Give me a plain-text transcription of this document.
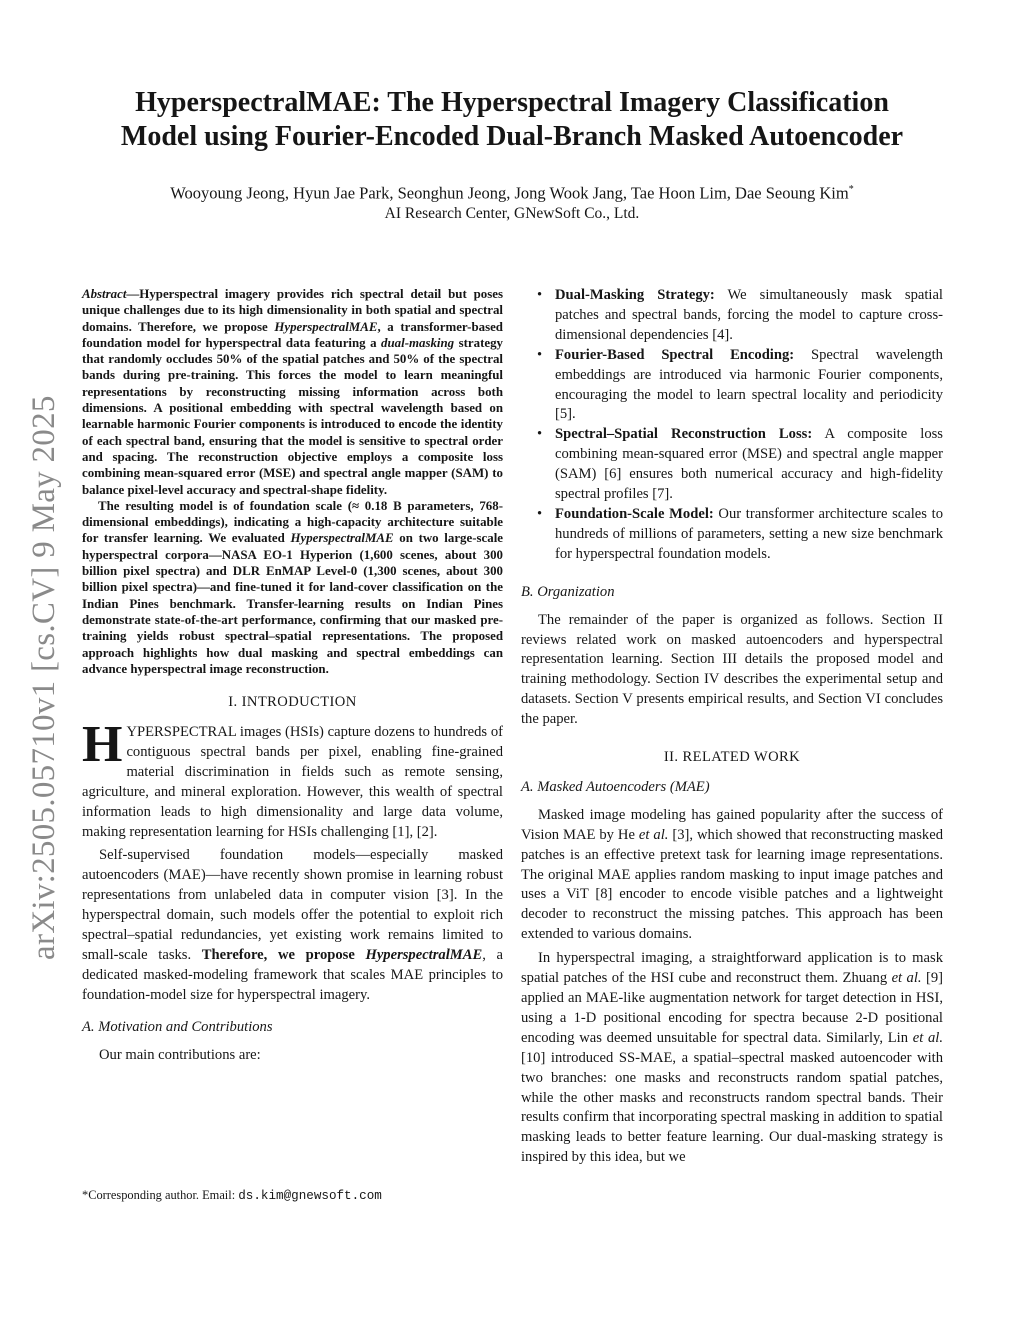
arXiv:2505.05710v1 [cs.CV] 9 May 2025
HyperspectralMAE: The Hyperspectral Imagery Classification
Model using Fourier-Encoded Dual-Branch Masked Autoencoder
Wooyoung Jeong, Hyun Jae Park, Seonghun Jeong, Jong Wook Jang, Tae Hoon Lim, Dae Seoung Kim*
AI Research Center, GNewSoft Co., Ltd.

Abstract—Hyperspectral imagery provides rich spectral detail but poses unique challenges due to its high dimensionality in both spatial and spectral domains. Therefore, we propose HyperspectralMAE, a transformer-based foundation model for hyperspectral data featuring a dual-masking strategy that randomly occludes 50% of the spatial patches and 50% of the spectral bands during pre-training. This forces the model to learn meaningful representations by reconstructing missing information across both dimensions. A positional embedding with spectral wavelength based on learnable harmonic Fourier components is introduced to encode the identity of each spectral band, ensuring that the model is sensitive to spectral order and spacing. The reconstruction objective employs a composite loss combining mean-squared error (MSE) and spectral angle mapper (SAM) to balance pixel-level accuracy and spectral-shape fidelity.

The resulting model is of foundation scale (≈ 0.18 B parameters, 768-dimensional embeddings), indicating a high-capacity architecture suitable for transfer learning. We evaluated HyperspectralMAE on two large-scale hyperspectral corpora—NASA EO-1 Hyperion (1,600 scenes, about 300 billion pixel spectra) and DLR EnMAP Level-0 (1,300 scenes, about 300 billion pixel spectra)—and fine-tuned it for land-cover classification on the Indian Pines benchmark. Transfer-learning results on Indian Pines demonstrate state-of-the-art performance, confirming that our masked pre-training yields robust spectral–spatial representations. The proposed approach highlights how dual masking and spectral embeddings can advance hyperspectral image reconstruction.

I. INTRODUCTION

HYPERSPECTRAL images (HSIs) capture dozens to hundreds of contiguous spectral bands per pixel, enabling fine-grained material discrimination in fields such as remote sensing, agriculture, and mineral exploration. However, this wealth of spectral information leads to high dimensionality and large data volume, making representation learning for HSIs challenging [1], [2].

Self-supervised foundation models—especially masked autoencoders (MAE)—have recently shown promise in learning robust representations from unlabeled data in computer vision [3]. In the hyperspectral domain, such models offer the potential to exploit rich spectral–spatial redundancies, yet existing work remains limited to small-scale tasks. Therefore, we propose HyperspectralMAE, a dedicated masked-modeling framework that scales MAE principles to foundation-model size for hyperspectral imagery.

A. Motivation and Contributions

Our main contributions are:

*Corresponding author. Email: ds.kim@gnewsoft.com
• Dual-Masking Strategy: We simultaneously mask spatial patches and spectral bands, forcing the model to capture cross-dimensional dependencies [4].
• Fourier-Based Spectral Encoding: Spectral wavelength embeddings are introduced via harmonic Fourier components, encouraging the model to learn spectral locality and periodicity [5].
• Spectral–Spatial Reconstruction Loss: A composite loss combining mean-squared error (MSE) and spectral angle mapper (SAM) [6] ensures both numerical accuracy and high-fidelity spectral profiles [7].
• Foundation-Scale Model: Our transformer architecture scales to hundreds of millions of parameters, setting a new size benchmark for hyperspectral foundation models.
B. Organization

The remainder of the paper is organized as follows. Section II reviews related work on masked autoencoders and hyperspectral representation learning. Section III details the proposed model and training methodology. Section IV describes the experimental setup and datasets. Section V presents empirical results, and Section VI concludes the paper.

II. RELATED WORK
A. Masked Autoencoders (MAE)

Masked image modeling has gained popularity after the success of Vision MAE by He et al. [3], which showed that reconstructing masked patches is an effective pretext task for learning image representations. The original MAE applies random masking to input image patches and uses a ViT [8] encoder to encode visible patches and a lightweight decoder to reconstruct the missing patches. This approach has been extended to various domains.

In hyperspectral imaging, a straightforward application is to mask spatial patches of the HSI cube and reconstruct them. Zhuang et al. [9] applied an MAE-like augmentation network for target detection in HSI, using a 1-D positional encoding for spectra because 2-D positional encoding was deemed unsuitable for spectral data. Similarly, Lin et al. [10] introduced SS-MAE, a spatial–spectral masked autoencoder with two branches: one masks and reconstructs random spatial patches, while the other masks and reconstructs random spectral bands. Their results confirm that incorporating spectral masking in addition to spatial masking leads to better feature learning. Our dual-masking strategy is inspired by this idea, but we
